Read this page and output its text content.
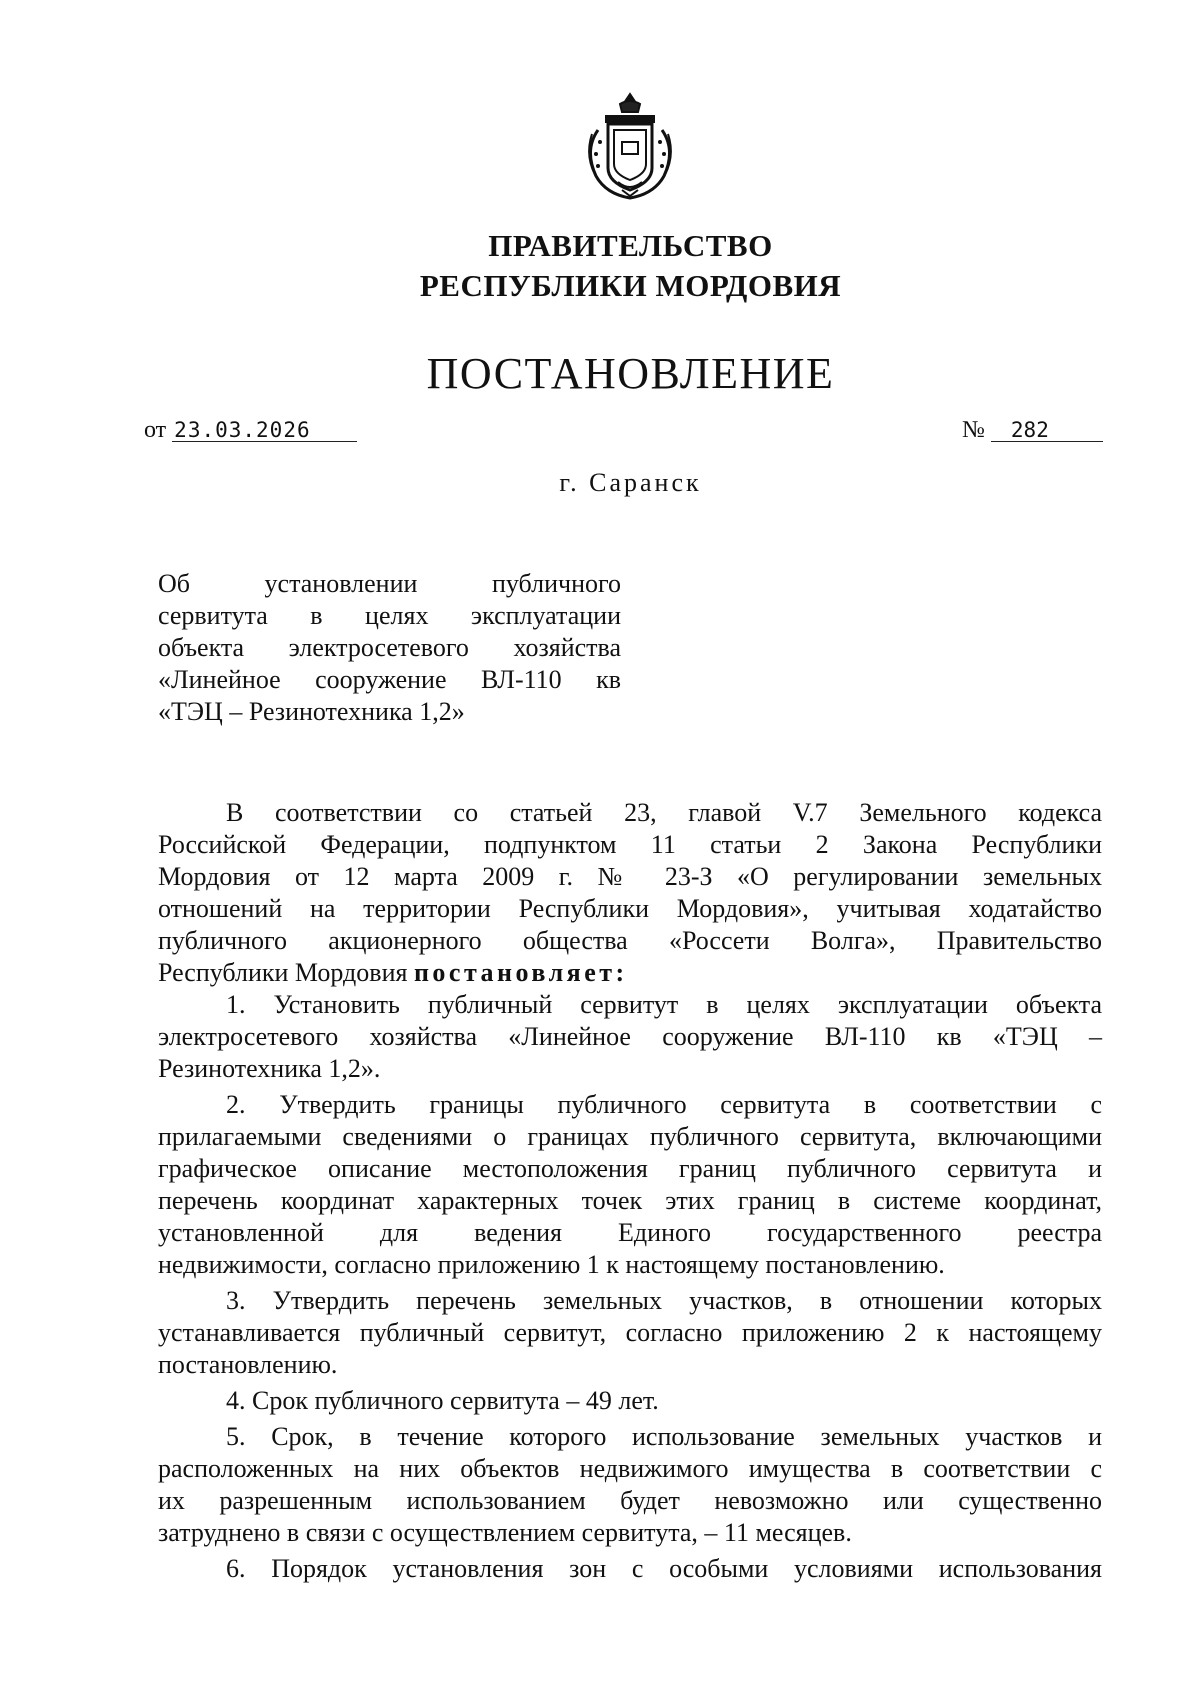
ПРАВИТЕЛЬСТВО
РЕСПУБЛИКИ МОРДОВИЯ
ПОСТАНОВЛЕНИЕ
от 23.03.2026	№ 282
г. Саранск
Об установлении публичного
сервитута в целях эксплуатации
объекта электросетевого хозяйства
«Линейное сооружение ВЛ-110 кв
«ТЭЦ – Резинотехника 1,2»
В соответствии со статьей 23, главой V.7 Земельного кодекса
Российской Федерации, подпунктом 11 статьи 2 Закона Республики
Мордовия от 12 марта 2009 г. № 23-З «О регулировании земельных
отношений на территории Республики Мордовия», учитывая ходатайство
публичного акционерного общества «Россети Волга», Правительство
Республики Мордовия постановляет:
1. Установить публичный сервитут в целях эксплуатации объекта
электросетевого хозяйства «Линейное сооружение ВЛ-110 кв «ТЭЦ –
Резинотехника 1,2».
2. Утвердить границы публичного сервитута в соответствии с
прилагаемыми сведениями о границах публичного сервитута, включающими
графическое описание местоположения границ публичного сервитута и
перечень координат характерных точек этих границ в системе координат,
установленной для ведения Единого государственного реестра
недвижимости, согласно приложению 1 к настоящему постановлению.
3. Утвердить перечень земельных участков, в отношении которых
устанавливается публичный сервитут, согласно приложению 2 к настоящему
постановлению.
4. Срок публичного сервитута – 49 лет.
5. Срок, в течение которого использование земельных участков и
расположенных на них объектов недвижимого имущества в соответствии с
их разрешенным использованием будет невозможно или существенно
затруднено в связи с осуществлением сервитута, – 11 месяцев.
6. Порядок установления зон с особыми условиями использования
